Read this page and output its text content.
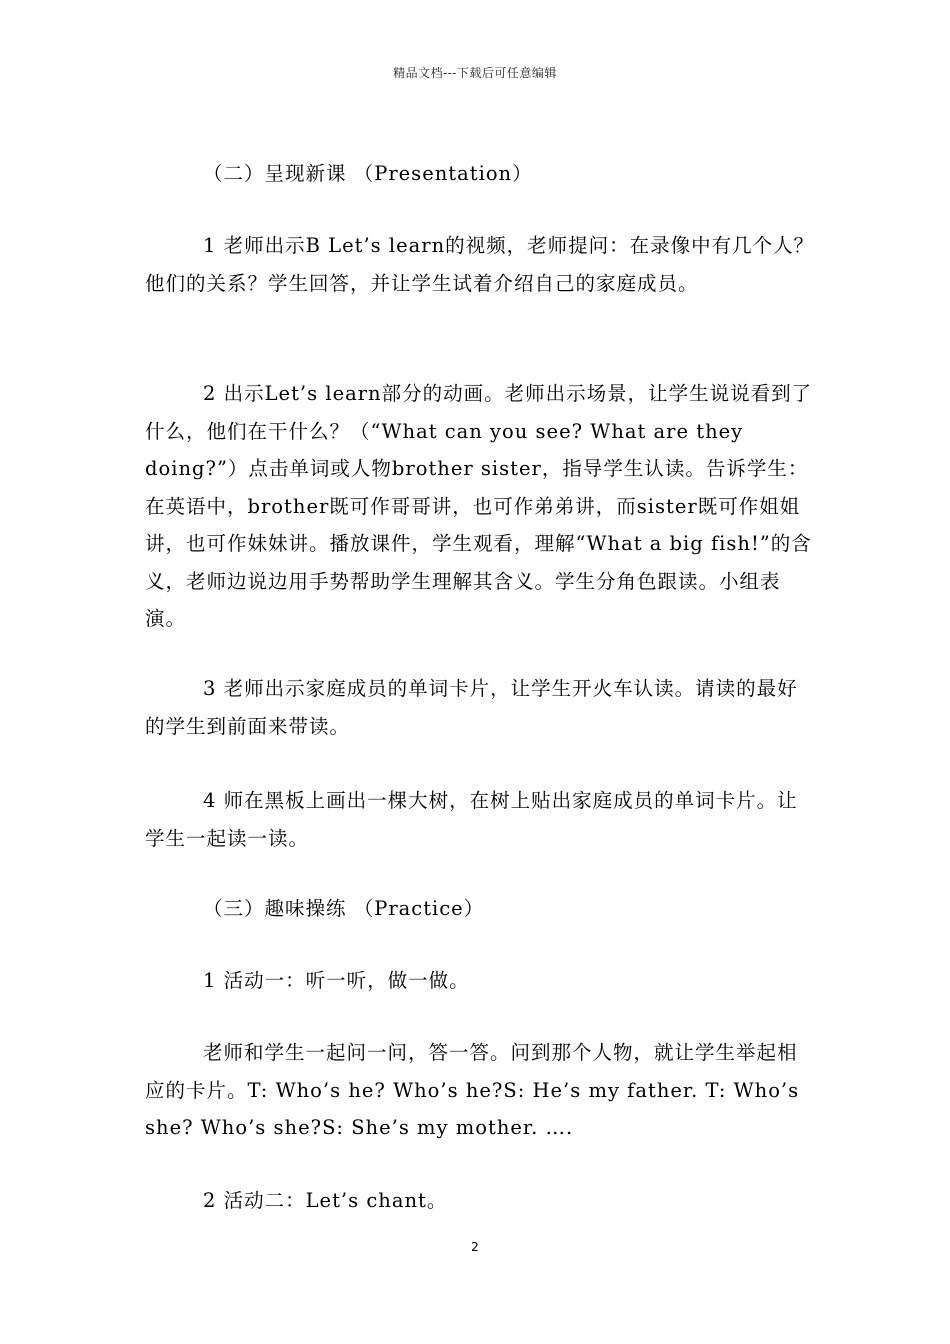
精品文档---下载后可任意编辑

（二）呈现新课 （Presentation）

1 老师出示B Let’s learn的视频，老师提问：在录像中有几个人？他们的关系？学生回答，并让学生试着介绍自己的家庭成员。

2 出示Let’s learn部分的动画。老师出示场景，让学生说说看到了什么，他们在干什么？（“What can you see? What are they doing?”）点击单词或人物brother sister，指导学生认读。告诉学生：在英语中，brother既可作哥哥讲，也可作弟弟讲，而sister既可作姐姐讲，也可作妹妹讲。播放课件，学生观看，理解“What a big fish!”的含义，老师边说边用手势帮助学生理解其含义。学生分角色跟读。小组表演。

3 老师出示家庭成员的单词卡片，让学生开火车认读。请读的最好的学生到前面来带读。

4 师在黑板上画出一棵大树，在树上贴出家庭成员的单词卡片。让学生一起读一读。

（三）趣味操练 （Practice）

1 活动一：听一听，做一做。

老师和学生一起问一问，答一答。问到那个人物，就让学生举起相应的卡片。T: Who’s he? Who’s he?S: He’s my father. T: Who’s she? Who’s she?S: She’s my mother. ….

2 活动二：Let’s chant。

2
